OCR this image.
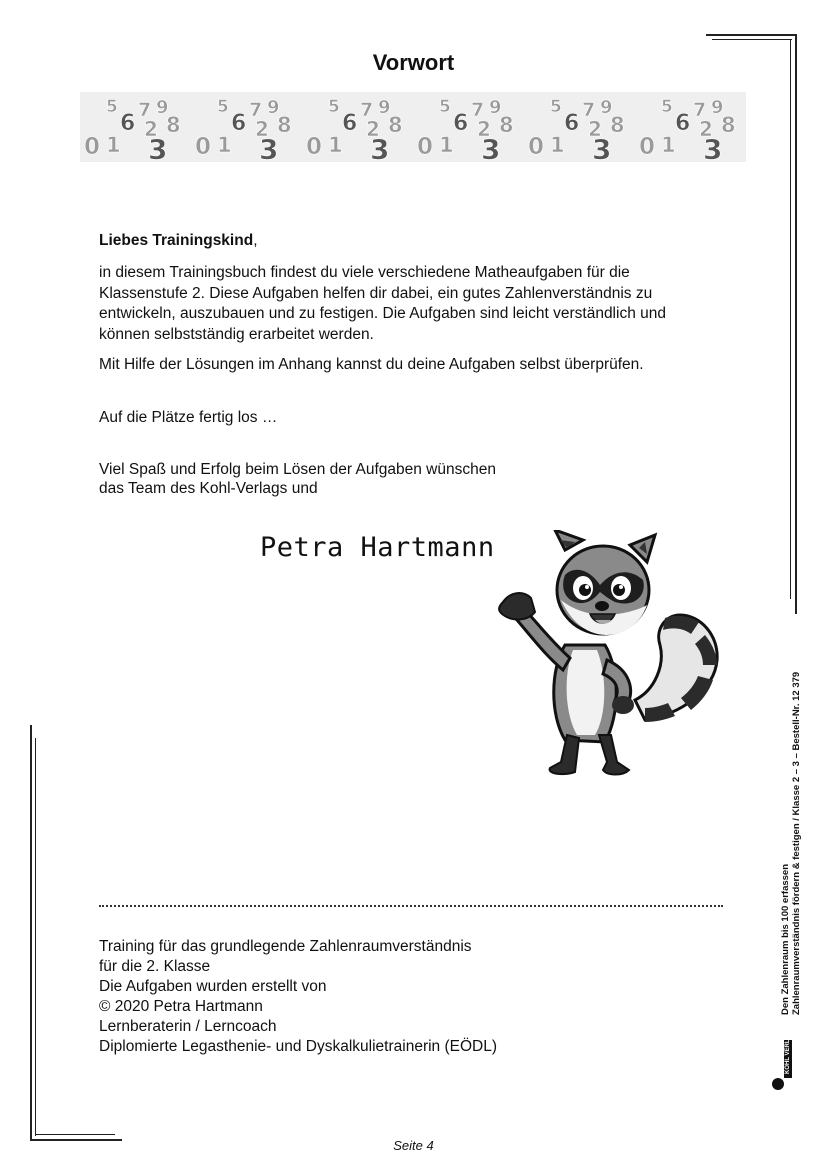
Vorwort
5
6
7 9
2 8
0 1 3
5
6
7 9
2 8
0 1 3
5
6
7 9
2 8
0 1 3
5
6
7 9
2 8
0 1 3
5
6
7 9
2 8
0 1 3
5
6
7 9
2 8
0 1 3
Liebes Trainingskind,
in diesem Trainingsbuch findest du viele verschiedene Matheaufgaben für die
Klassenstufe 2. Diese Aufgaben helfen dir dabei, ein gutes Zahlenverständnis zu
entwickeln, auszubauen und zu festigen. Die Aufgaben sind leicht verständlich und
können selbstständig erarbeitet werden.
Mit Hilfe der Lösungen im Anhang kannst du deine Aufgaben selbst überprüfen.
Auf die Plätze fertig los …
Viel Spaß und Erfolg beim Lösen der Aufgaben wünschen
das Team des Kohl-Verlags und
Petra Hartmann
Training für das grundlegende Zahlenraumverständnis
für die 2. Klasse
Die Aufgaben wurden erstellt von
© 2020 Petra Hartmann
Lernberaterin / Lerncoach
Diplomierte Legasthenie- und Dyskalkulietrainerin (EÖDL)
Den Zahlenraum bis 100 erfassen Zahlenraumverständnis fördern & festigen / Klasse 2 – 3 – Bestell-Nr. 12 379
KOHL VERLAG
Seite 4
